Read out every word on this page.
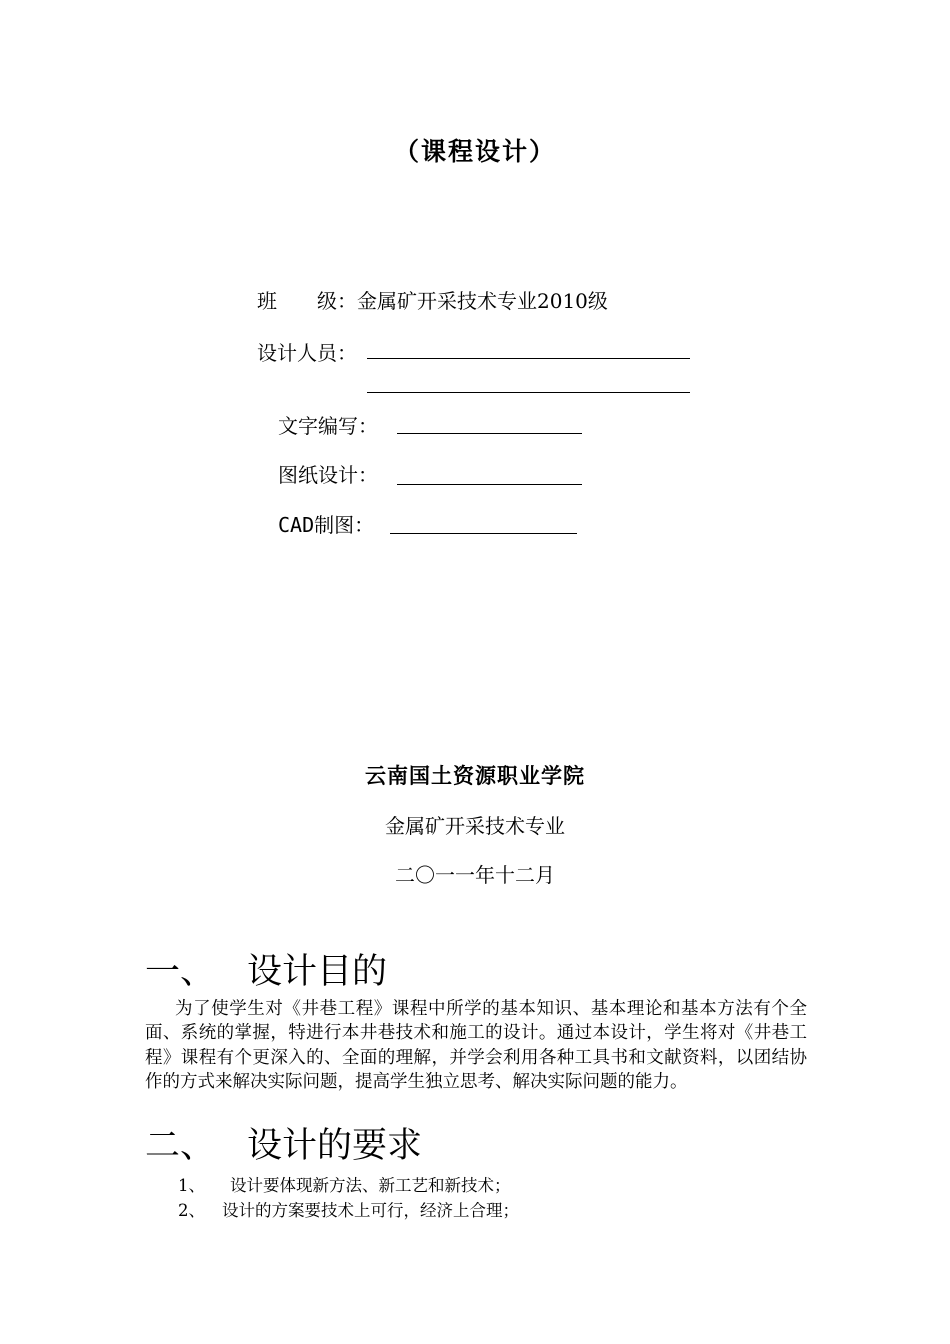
（课程设计）
班　　级：金属矿开采技术专业2010级
设计人员：
文字编写：
图纸设计：
CAD制图：
云南国土资源职业学院
金属矿开采技术专业
二〇一一年十二月
一、 设计目的
为了使学生对《井巷工程》课程中所学的基本知识、基本理论和基本方法有个全面、系统的掌握，特进行本井巷技术和施工的设计。通过本设计，学生将对《井巷工程》课程有个更深入的、全面的理解，并学会利用各种工具书和文献资料，以团结协作的方式来解决实际问题，提高学生独立思考、解决实际问题的能力。
二、 设计的要求
1、 设计要体现新方法、新工艺和新技术；
2、 设计的方案要技术上可行，经济上合理；
